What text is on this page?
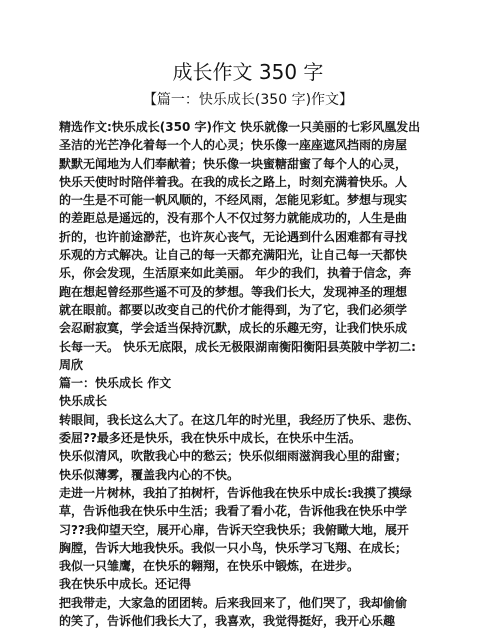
成长作文 350 字
【篇一：快乐成长(350 字)作文】

精选作文:快乐成长(350 字)作文 快乐就像一只美丽的七彩风凰发出

圣洁的光芒净化着每一个人的心灵；快乐像一座座遮风挡雨的房屋

默默无闻地为人们奉献着；快乐像一块蜜糖甜蜜了每个人的心灵，

快乐天使时时陪伴着我。在我的成长之路上，时刻充满着快乐。人

的一生是不可能一帆风顺的，不经风雨，怎能见彩虹。梦想与现实

的差距总是遥远的，没有那个人不仅过努力就能成功的，人生是曲

折的，也许前途渺茫，也许灰心丧气，无论遇到什么困难都有寻找

乐观的方式解决。让自己的每一天都充满阳光，让自己每一天都快

乐，你会发现，生活原来如此美丽。 年少的我们，执着于信念，奔

跑在想起曾经那些遥不可及的梦想。等我们长大，发现神圣的理想

就在眼前。都要以改变自己的代价才能得到，为了它，我们必须学

会忍耐寂寞，学会适当保持沉默，成长的乐趣无穷，让我们快乐成

长每一天。 快乐无底限，成长无极限湖南衡阳衡阳县英陂中学初二:

周欣

篇一：快乐成长 作文

快乐成长

转眼间，我长这么大了。在这几年的时光里，我经历了快乐、悲伤、

委屈??最多还是快乐，我在快乐中成长，在快乐中生活。

快乐似清风，吹散我心中的愁云；快乐似细雨滋润我心里的甜蜜；

快乐似薄雾，覆盖我内心的不快。

走进一片树林，我拍了拍树杆，告诉他我在快乐中成长:我摸了摸绿

草，告诉他我在快乐中生活；我看了看小花，告诉他我在快乐中学

习??我仰望天空，展开心扉，告诉天空我快乐；我俯瞰大地，展开

胸膛，告诉大地我快乐。我似一只小鸟，快乐学习飞翔、在成长；

我似一只雏鹰，在快乐的翱翔，在快乐中锻炼，在进步。

我在快乐中成长。还记得

把我带走，大家急的团团转。后来我回来了，他们哭了，我却偷偷

的笑了，告诉他们我长大了，我喜欢，我觉得挺好，我开心乐趣
